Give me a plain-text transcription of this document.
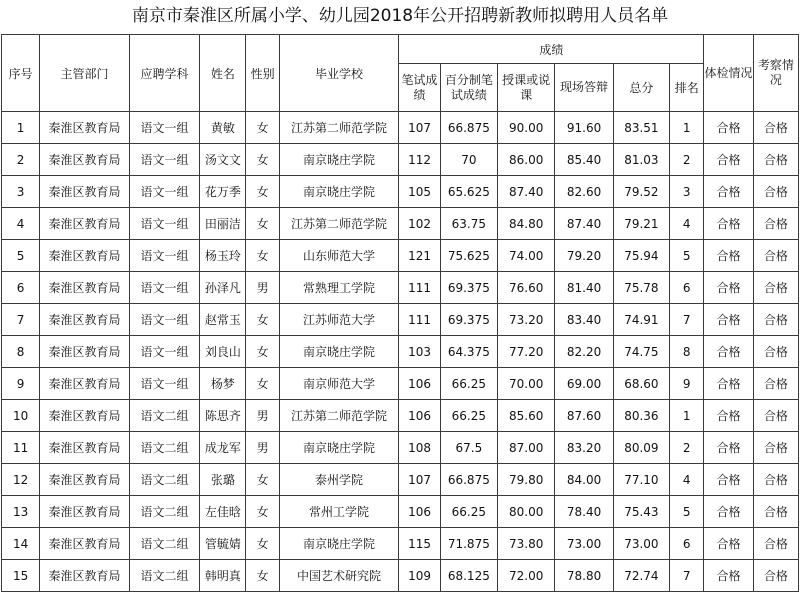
南京市秦淮区所属小学、幼儿园2018年公开招聘新教师拟聘用人员名单
序号	主管部门	应聘学科	姓名	性别	毕业学校	成绩						体检情况	考察情况
						笔试成绩	百分制笔试成绩	授课或说课	现场答辩	总分	排名		
1	秦淮区教育局	语文一组	黄敏	女	江苏第二师范学院	107	66.875	90.00	91.60	83.51	1	合格	合格
2	秦淮区教育局	语文一组	汤文文	女	南京晓庄学院	112	70	86.00	85.40	81.03	2	合格	合格
3	秦淮区教育局	语文一组	花万季	女	南京晓庄学院	105	65.625	87.40	82.60	79.52	3	合格	合格
4	秦淮区教育局	语文一组	田丽洁	女	江苏第二师范学院	102	63.75	84.80	87.40	79.21	4	合格	合格
5	秦淮区教育局	语文一组	杨玉玲	女	山东师范大学	121	75.625	74.00	79.20	75.94	5	合格	合格
6	秦淮区教育局	语文一组	孙泽凡	男	常熟理工学院	111	69.375	76.60	81.40	75.78	6	合格	合格
7	秦淮区教育局	语文一组	赵常玉	女	江苏师范大学	111	69.375	73.20	83.40	74.91	7	合格	合格
8	秦淮区教育局	语文一组	刘良山	女	南京晓庄学院	103	64.375	77.20	82.20	74.75	8	合格	合格
9	秦淮区教育局	语文一组	杨梦	女	南京师范大学	106	66.25	70.00	69.00	68.60	9	合格	合格
10	秦淮区教育局	语文二组	陈思齐	男	江苏第二师范学院	106	66.25	85.60	87.60	80.36	1	合格	合格
11	秦淮区教育局	语文二组	成龙军	男	南京晓庄学院	108	67.5	87.00	83.20	80.09	2	合格	合格
12	秦淮区教育局	语文二组	张璐	女	泰州学院	107	66.875	79.80	84.00	77.10	4	合格	合格
13	秦淮区教育局	语文二组	左佳晗	女	常州工学院	106	66.25	80.00	78.40	75.43	5	合格	合格
14	秦淮区教育局	语文二组	管毓婧	女	南京晓庄学院	115	71.875	73.80	73.00	73.00	6	合格	合格
15	秦淮区教育局	语文二组	韩明真	女	中国艺术研究院	109	68.125	72.00	78.80	72.74	7	合格	合格
